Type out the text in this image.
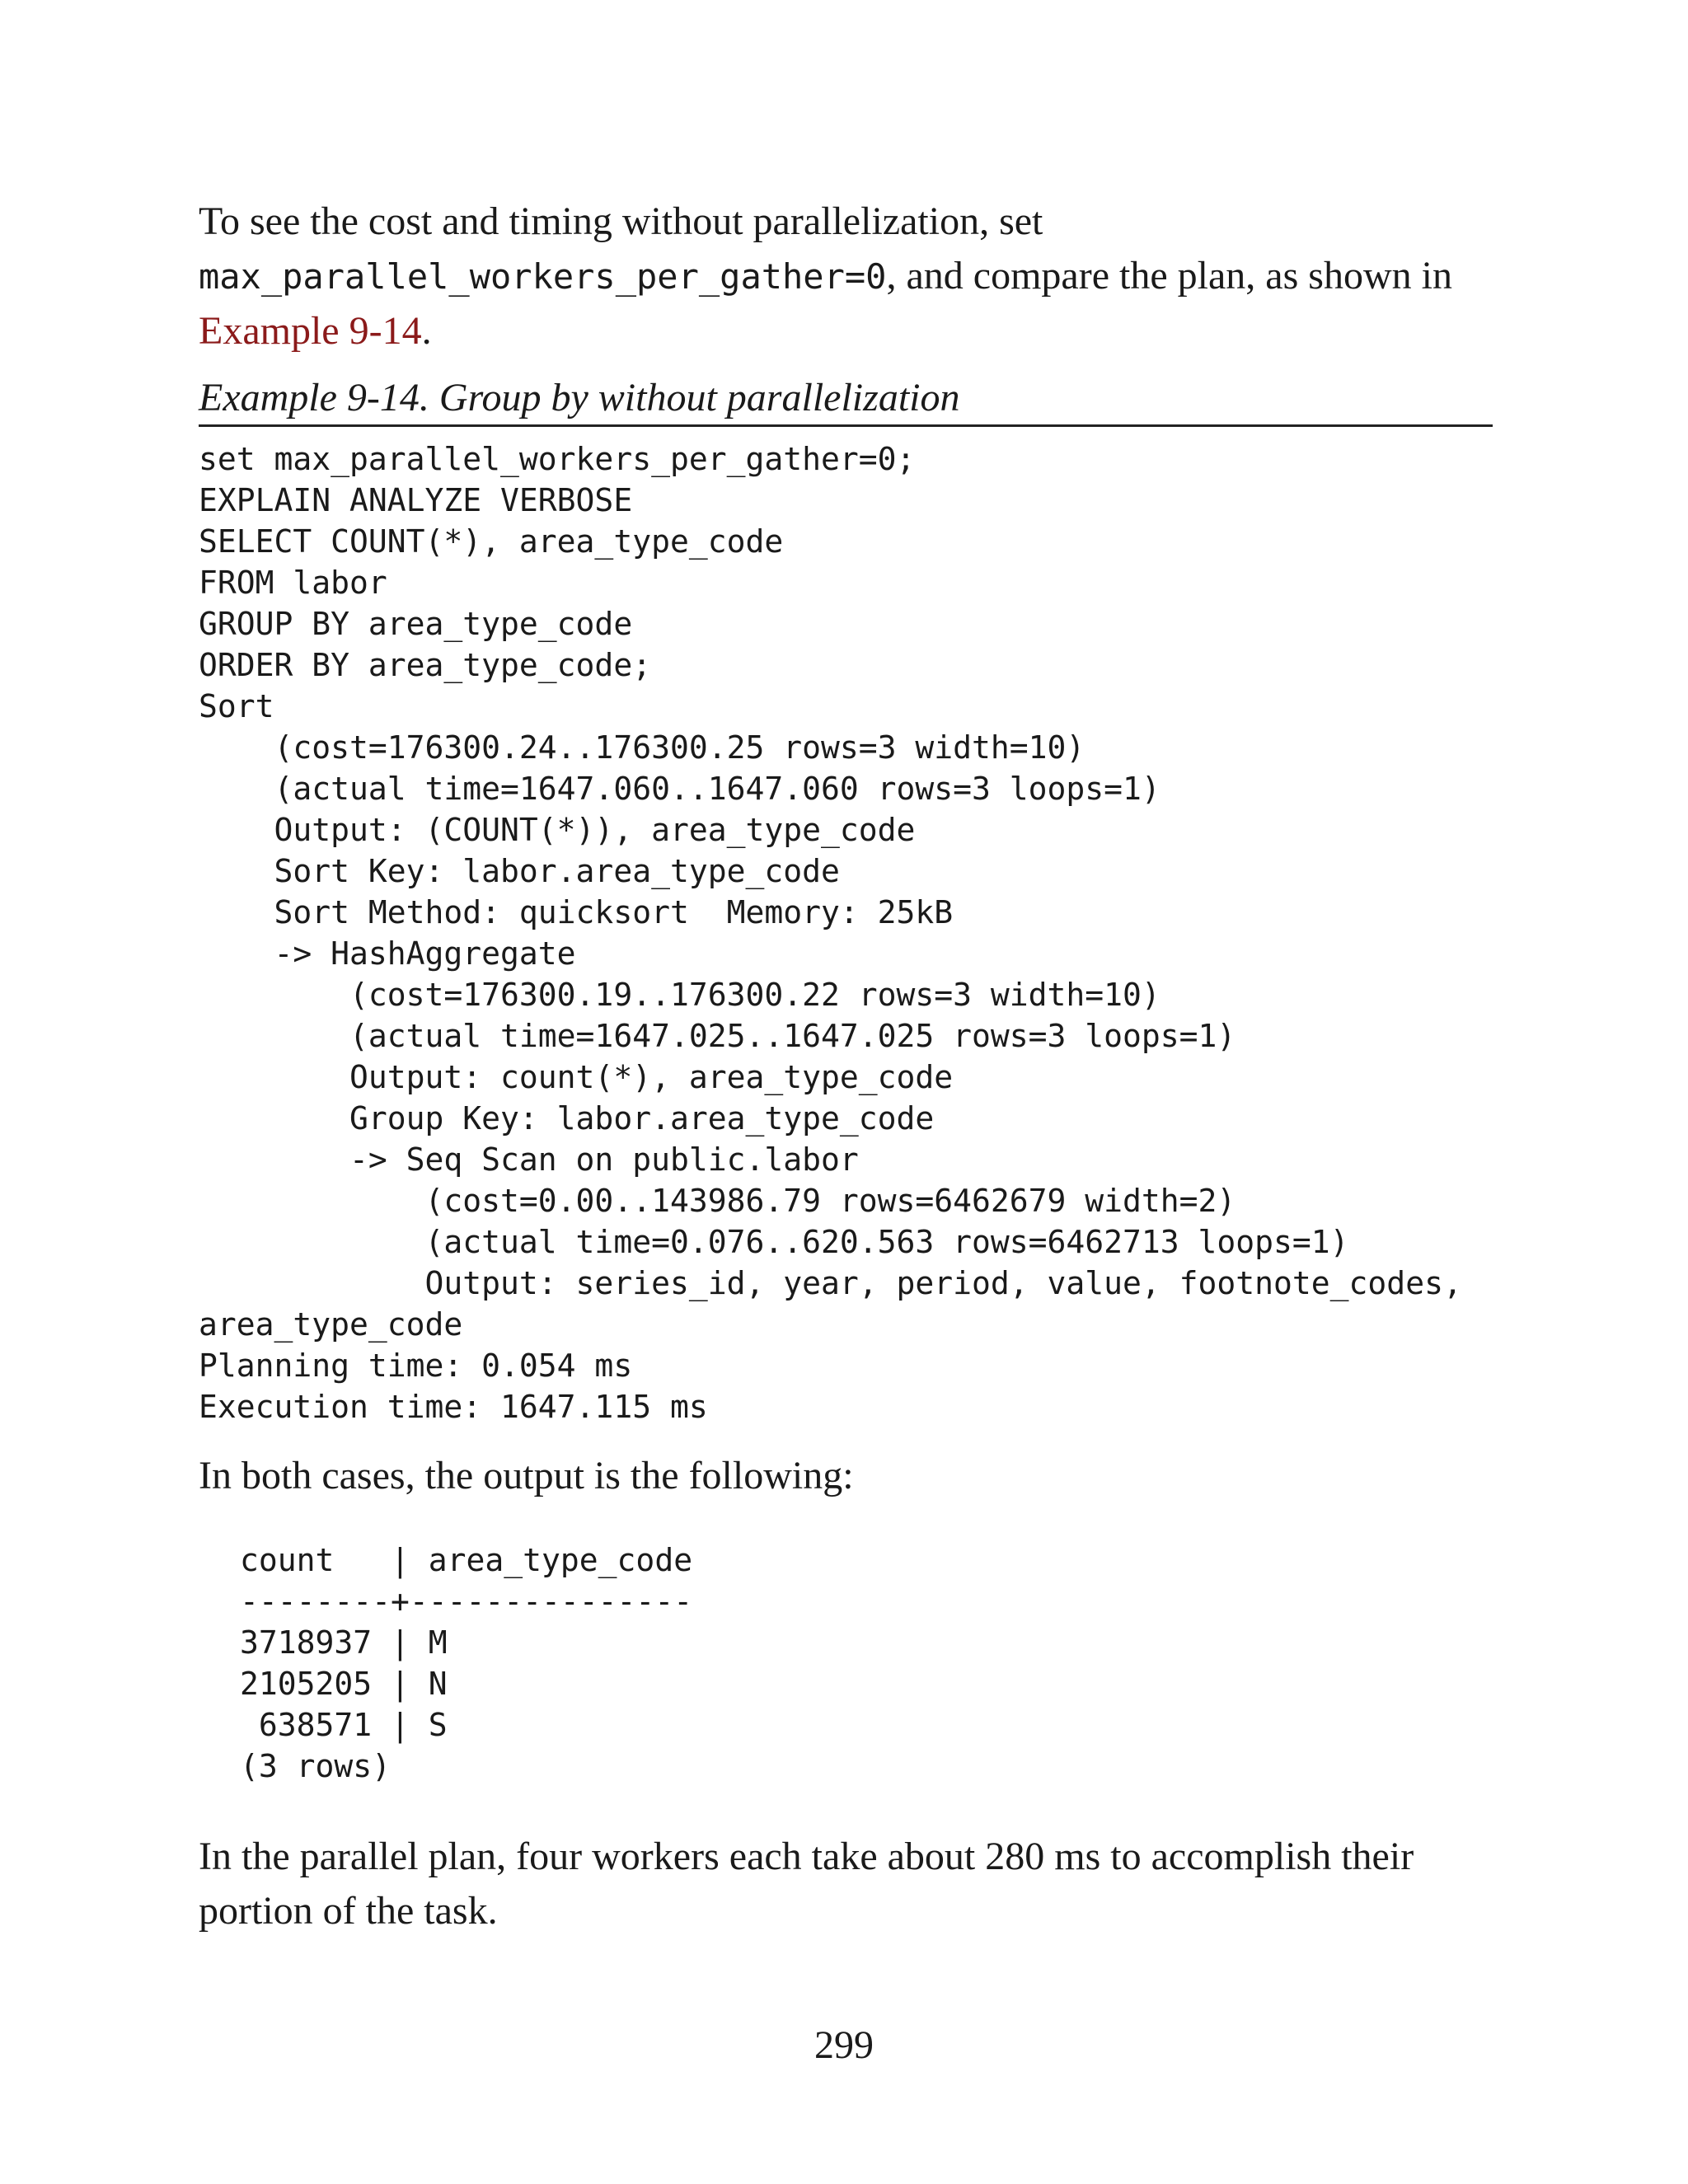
To see the cost and timing without parallelization, set max_parallel_workers_per_gather=0, and compare the plan, as shown in Example 9-14.

Example 9-14. Group by without parallelization
set max_parallel_workers_per_gather=0;
EXPLAIN ANALYZE VERBOSE
SELECT COUNT(*), area_type_code
FROM labor
GROUP BY area_type_code
ORDER BY area_type_code;
Sort
(cost=176300.24..176300.25 rows=3 width=10)
(actual time=1647.060..1647.060 rows=3 loops=1)
Output: (COUNT(*)), area_type_code
Sort Key: labor.area_type_code
Sort Method: quicksort  Memory: 25kB
-> HashAggregate
(cost=176300.19..176300.22 rows=3 width=10)
(actual time=1647.025..1647.025 rows=3 loops=1)
Output: count(*), area_type_code
Group Key: labor.area_type_code
-> Seq Scan on public.labor
(cost=0.00..143986.79 rows=6462679 width=2)
(actual time=0.076..620.563 rows=6462713 loops=1)
Output: series_id, year, period, value, footnote_codes,
area_type_code
Planning time: 0.054 ms
Execution time: 1647.115 ms

In both cases, the output is the following:

count   | area_type_code
--------+---------------
3718937 | M
2105205 | N
638571 | S
(3 rows)

In the parallel plan, four workers each take about 280 ms to accomplish their portion of the task.

299
